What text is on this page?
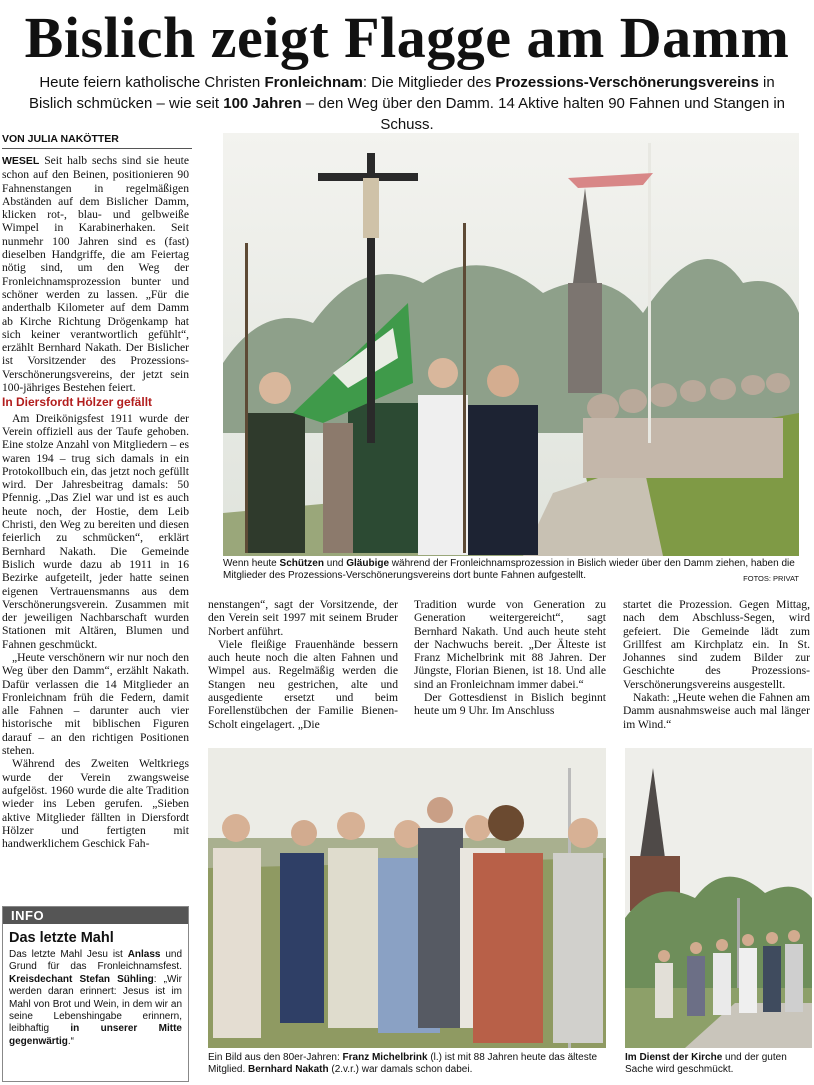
Bislich zeigt Flagge am Damm
Heute feiern katholische Christen Fronleichnam: Die Mitglieder des Prozessions-Verschönerungsvereins in Bislich schmücken – wie seit 100 Jahren – den Weg über den Damm. 14 Aktive halten 90 Fahnen und Stangen in Schuss.
VON JULIA NAKÖTTER

WESEL Seit halb sechs sind sie heute schon auf den Beinen, positionieren 90 Fahnenstangen in regelmäßigen Abständen auf dem Bislicher Damm, klicken rot-, blau- und gelbweiße Wimpel in Karabinerhaken. Seit nunmehr 100 Jahren sind es (fast) dieselben Handgriffe, die am Feiertag nötig sind, um den Weg der Fronleichnamsprozession bunter und schöner werden zu lassen. „Für die anderthalb Kilometer auf dem Damm ab Kirche Richtung Drögenkamp hat sich keiner verantwortlich gefühlt“, erzählt Bernhard Nakath. Der Bislicher ist Vorsitzender des Prozessions-Verschönerungsvereins, der jetzt sein 100-jähriges Bestehen feiert.

In Diersfordt Hölzer gefällt

Am Dreikönigsfest 1911 wurde der Verein offiziell aus der Taufe gehoben. Eine stolze Anzahl von Mitgliedern – es waren 194 – trug sich damals in ein Protokollbuch ein, das jetzt noch gefüllt wird. Der Jahresbeitrag damals: 50 Pfennig. „Das Ziel war und ist es auch heute noch, der Hostie, dem Leib Christi, den Weg zu bereiten und diesen feierlich zu schmücken“, erklärt Bernhard Nakath. Die Gemeinde Bislich wurde dazu ab 1911 in 16 Bezirke aufgeteilt, jeder hatte seinen eigenen Vertrauensmanns aus dem Verschönerungsverein. Zusammen mit der jeweiligen Nachbarschaft wurden Stationen mit Altären, Blumen und Fahnen geschmückt.

„Heute verschönern wir nur noch den Weg über den Damm“, erzählt Nakath. Dafür verlassen die 14 Mitglieder an Fronleichnam früh die Federn, damit alle Fahnen – darunter auch vier historische mit biblischen Figuren darauf – an den richtigen Positionen stehen.

Während des Zweiten Weltkriegs wurde der Verein zwangsweise aufgelöst. 1960 wurde die alte Tradition wieder ins Leben gerufen. „Sieben aktive Mitglieder fällten in Diersfordt Hölzer und fertigten mit handwerklichem Geschick Fah-

Wenn heute Schützen und Gläubige während der Fronleichnamsprozession in Bislich wieder über den Damm ziehen, haben die Mitglieder des Prozessions-Verschönerungsvereins dort bunte Fahnen aufgestellt.	FOTOS: PRIVAT

nenstangen“, sagt der Vorsitzende, der den Verein seit 1997 mit seinem Bruder Norbert anführt.

Viele fleißige Frauenhände bessern auch heute noch die alten Fahnen und Wimpel aus. Regelmäßig werden die Stangen neu gestrichen, alte und ausgediente ersetzt und beim Forellenstübchen der Familie Bienen-Scholt eingelagert. „Die

Tradition wurde von Generation zu Generation weitergereicht“, sagt Bernhard Nakath. Und auch heute steht der Nachwuchs bereit. „Der Älteste ist Franz Michelbrink mit 88 Jahren. Der Jüngste, Florian Bienen, ist 18. Und alle sind an Fronleichnam immer dabei.“

Der Gottesdienst in Bislich beginnt heute um 9 Uhr. Im Anschluss

startet die Prozession. Gegen Mittag, nach dem Abschluss-Segen, wird gefeiert. Die Gemeinde lädt zum Grillfest am Kirchplatz ein. In St. Johannes sind zudem Bilder zur Geschichte des Prozessions-Verschönerungsvereins ausgestellt.

Nakath: „Heute wehen die Fahnen am Damm ausnahmsweise auch mal länger im Wind.“

Ein Bild aus den 80er-Jahren: Franz Michelbrink (l.) ist mit 88 Jahren heute das älteste Mitglied. Bernhard Nakath (2.v.r.) war damals schon dabei.
Im Dienst der Kirche und der guten Sache wird geschmückt.
INFO
Das letzte Mahl
Das letzte Mahl Jesu ist Anlass und Grund für das Fronleichnamsfest. Kreisdechant Stefan Sühling: „Wir werden daran erinnert: Jesus ist im Mahl von Brot und Wein, in dem wir an seine Lebenshingabe erinnern, leibhaftig in unserer Mitte gegenwärtig.“
